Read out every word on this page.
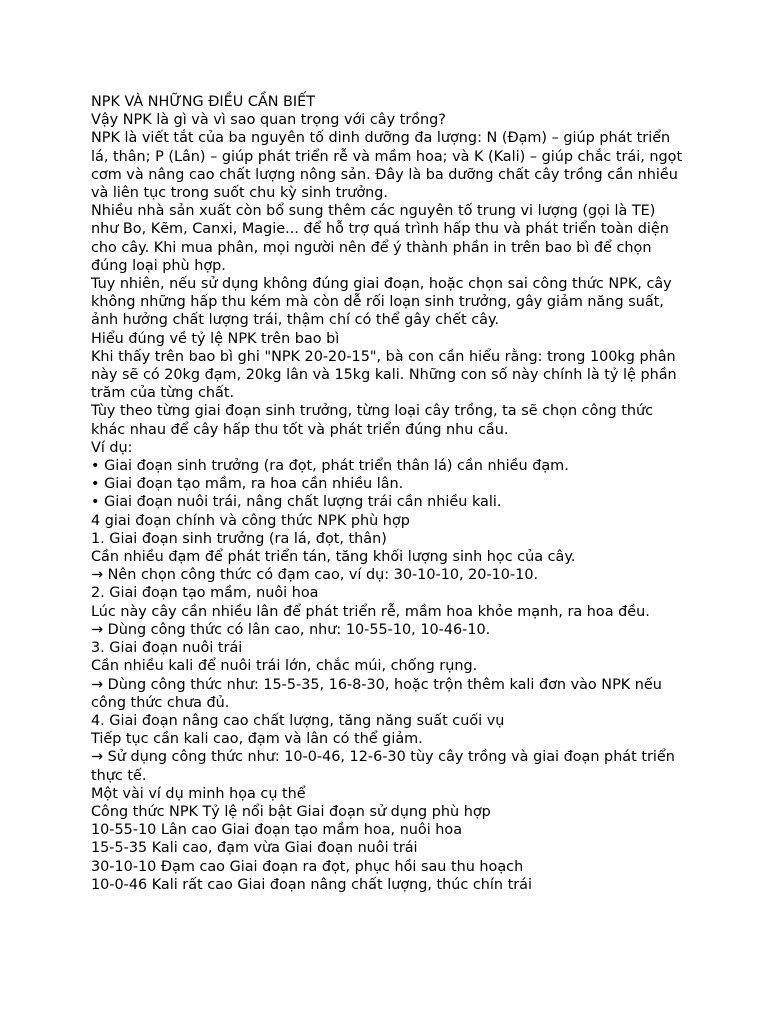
NPK VÀ NHỮNG ĐIỀU CẦN BIẾT
Vậy NPK là gì và vì sao quan trọng với cây trồng?
NPK là viết tắt của ba nguyên tố dinh dưỡng đa lượng: N (Đạm) – giúp phát triển
lá, thân; P (Lân) – giúp phát triển rễ và mầm hoa; và K (Kali) – giúp chắc trái, ngọt
cơm và nâng cao chất lượng nông sản. Đây là ba dưỡng chất cây trồng cần nhiều
và liên tục trong suốt chu kỳ sinh trưởng.
Nhiều nhà sản xuất còn bổ sung thêm các nguyên tố trung vi lượng (gọi là TE)
như Bo, Kẽm, Canxi, Magie... để hỗ trợ quá trình hấp thu và phát triển toàn diện
cho cây. Khi mua phân, mọi người nên để ý thành phần in trên bao bì để chọn
đúng loại phù hợp.
Tuy nhiên, nếu sử dụng không đúng giai đoạn, hoặc chọn sai công thức NPK, cây
không những hấp thu kém mà còn dễ rối loạn sinh trưởng, gây giảm năng suất,
ảnh hưởng chất lượng trái, thậm chí có thể gây chết cây.
Hiểu đúng về tỷ lệ NPK trên bao bì
Khi thấy trên bao bì ghi "NPK 20-20-15", bà con cần hiểu rằng: trong 100kg phân
này sẽ có 20kg đạm, 20kg lân và 15kg kali. Những con số này chính là tỷ lệ phần
trăm của từng chất.
Tùy theo từng giai đoạn sinh trưởng, từng loại cây trồng, ta sẽ chọn công thức
khác nhau để cây hấp thu tốt và phát triển đúng nhu cầu.
Ví dụ:
• Giai đoạn sinh trưởng (ra đọt, phát triển thân lá) cần nhiều đạm.
• Giai đoạn tạo mầm, ra hoa cần nhiều lân.
• Giai đoạn nuôi trái, nâng chất lượng trái cần nhiều kali.
4 giai đoạn chính và công thức NPK phù hợp
1. Giai đoạn sinh trưởng (ra lá, đọt, thân)
Cần nhiều đạm để phát triển tán, tăng khối lượng sinh học của cây.
→ Nên chọn công thức có đạm cao, ví dụ: 30-10-10, 20-10-10.
2. Giai đoạn tạo mầm, nuôi hoa
Lúc này cây cần nhiều lân để phát triển rễ, mầm hoa khỏe mạnh, ra hoa đều.
→ Dùng công thức có lân cao, như: 10-55-10, 10-46-10.
3. Giai đoạn nuôi trái
Cần nhiều kali để nuôi trái lớn, chắc múi, chống rụng.
→ Dùng công thức như: 15-5-35, 16-8-30, hoặc trộn thêm kali đơn vào NPK nếu
công thức chưa đủ.
4. Giai đoạn nâng cao chất lượng, tăng năng suất cuối vụ
Tiếp tục cần kali cao, đạm và lân có thể giảm.
→ Sử dụng công thức như: 10-0-46, 12-6-30 tùy cây trồng và giai đoạn phát triển
thực tế.
Một vài ví dụ minh họa cụ thể
Công thức NPK Tỷ lệ nổi bật Giai đoạn sử dụng phù hợp
10-55-10 Lân cao Giai đoạn tạo mầm hoa, nuôi hoa
15-5-35 Kali cao, đạm vừa Giai đoạn nuôi trái
30-10-10 Đạm cao Giai đoạn ra đọt, phục hồi sau thu hoạch
10-0-46 Kali rất cao Giai đoạn nâng chất lượng, thúc chín trái
